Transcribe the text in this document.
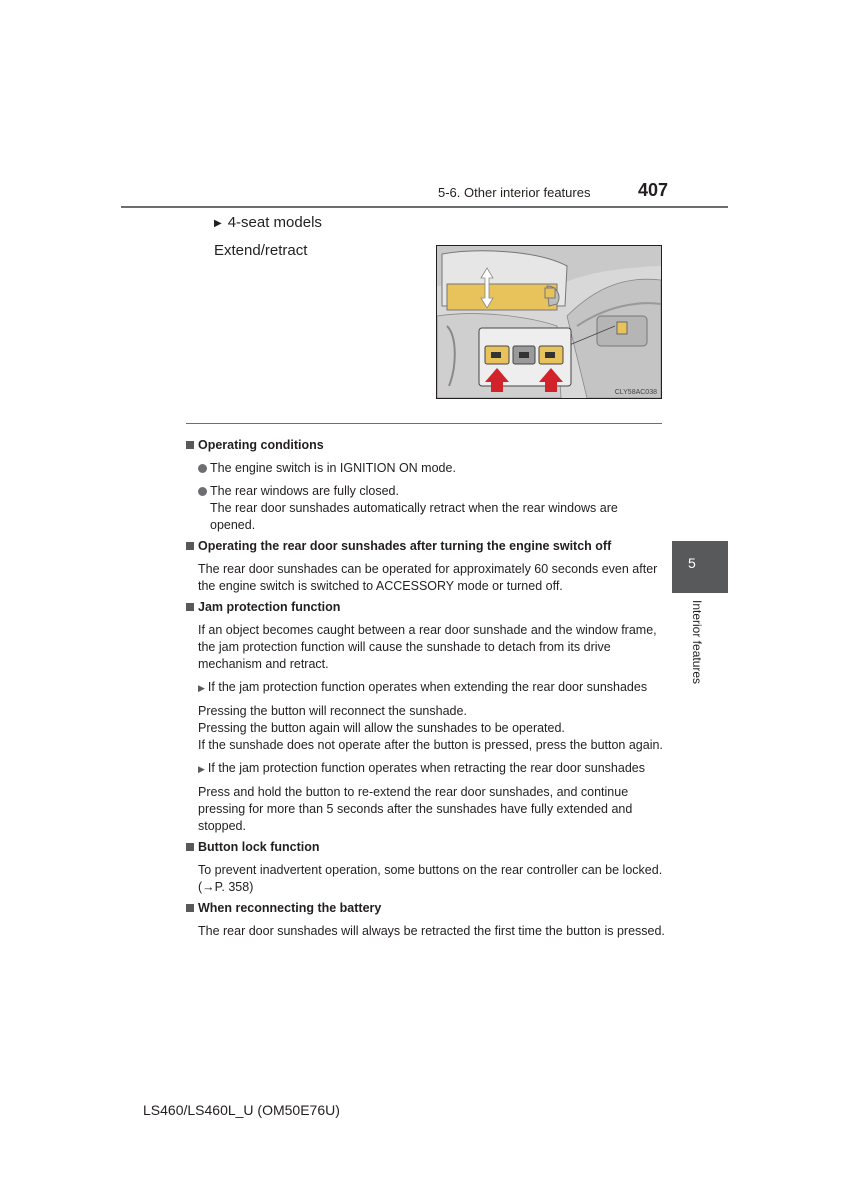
5-6. Other interior features	407
▶ 4-seat models
Extend/retract
CLY58AC038
Operating conditions
The engine switch is in IGNITION ON mode.
The rear windows are fully closed.
The rear door sunshades automatically retract when the rear windows are opened.
Operating the rear door sunshades after turning the engine switch off
The rear door sunshades can be operated for approximately 60 seconds even after the engine switch is switched to ACCESSORY mode or turned off.
Jam protection function
If an object becomes caught between a rear door sunshade and the window frame, the jam protection function will cause the sunshade to detach from its drive mechanism and retract.
▶ If the jam protection function operates when extending the rear door sunshades
Pressing the button will reconnect the sunshade.
Pressing the button again will allow the sunshades to be operated.
If the sunshade does not operate after the button is pressed, press the button again.
▶ If the jam protection function operates when retracting the rear door sunshades
Press and hold the button to re-extend the rear door sunshades, and continue pressing for more than 5 seconds after the sunshades have fully extended and stopped.
Button lock function
To prevent inadvertent operation, some buttons on the rear controller can be locked.
(→P. 358)
When reconnecting the battery
The rear door sunshades will always be retracted the first time the button is pressed.
5
Interior features
LS460/LS460L_U (OM50E76U)
